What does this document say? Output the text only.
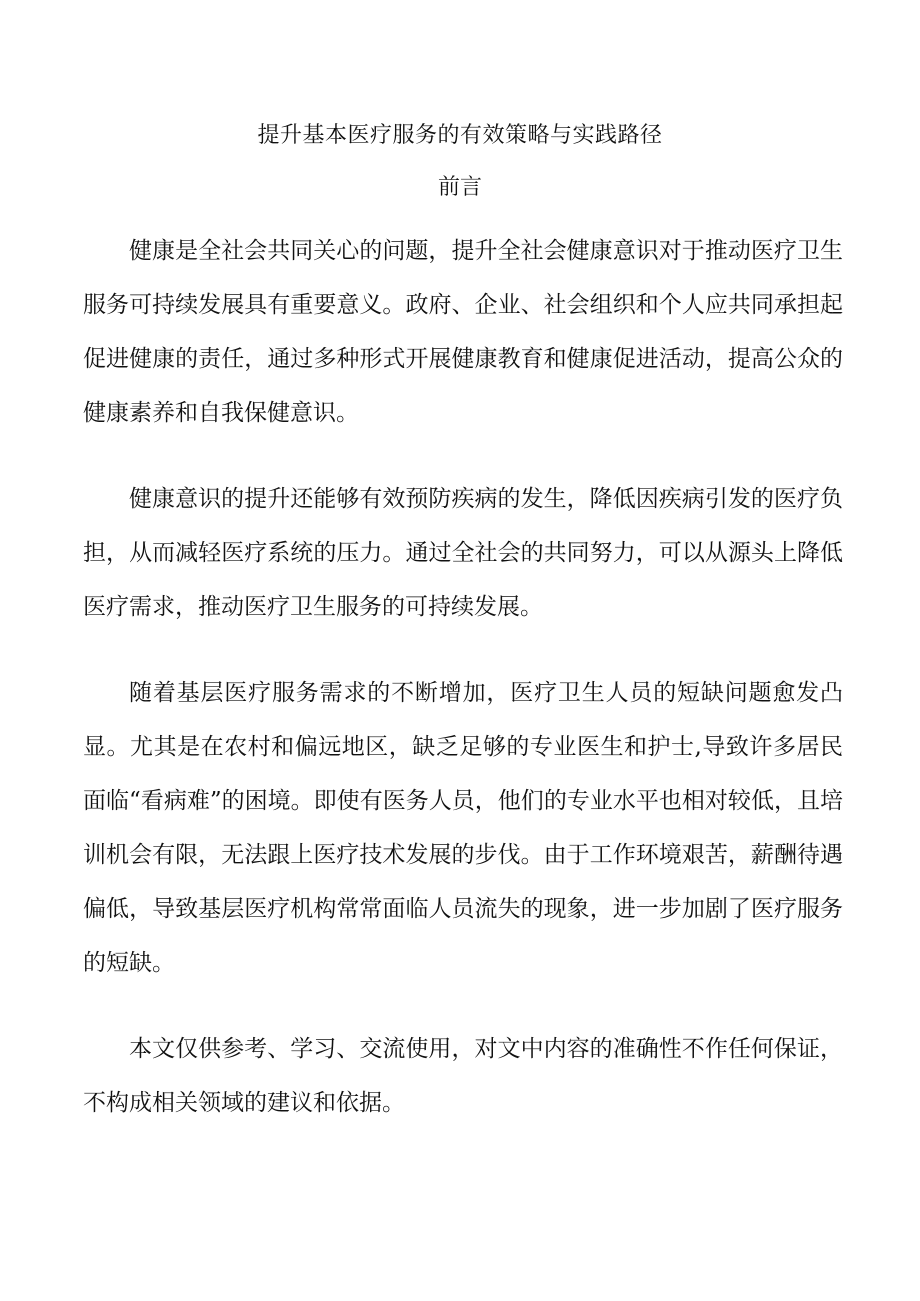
提升基本医疗服务的有效策略与实践路径
前言

健康是全社会共同关心的问题，提升全社会健康意识对于推动医疗卫生服务可持续发展具有重要意义。政府、企业、社会组织和个人应共同承担起促进健康的责任，通过多种形式开展健康教育和健康促进活动，提高公众的健康素养和自我保健意识。

健康意识的提升还能够有效预防疾病的发生，降低因疾病引发的医疗负担，从而减轻医疗系统的压力。通过全社会的共同努力，可以从源头上降低医疗需求，推动医疗卫生服务的可持续发展。

随着基层医疗服务需求的不断增加，医疗卫生人员的短缺问题愈发凸显。尤其是在农村和偏远地区，缺乏足够的专业医生和护士,导致许多居民面临“看病难”的困境。即使有医务人员，他们的专业水平也相对较低，且培训机会有限，无法跟上医疗技术发展的步伐。由于工作环境艰苦，薪酬待遇偏低，导致基层医疗机构常常面临人员流失的现象，进一步加剧了医疗服务的短缺。

本文仅供参考、学习、交流使用，对文中内容的准确性不作任何保证，不构成相关领域的建议和依据。
